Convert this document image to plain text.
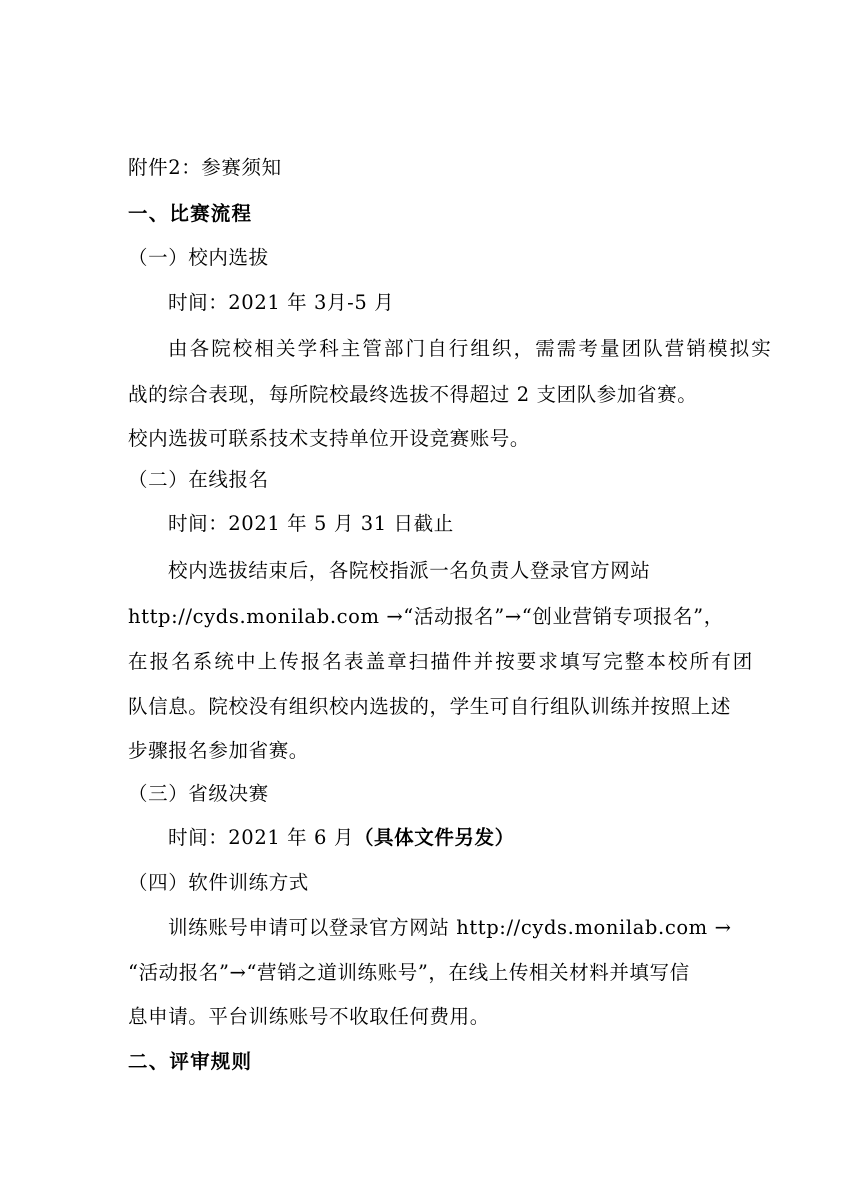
附件2：参赛须知
一、比赛流程
（一）校内选拔
时间：2021 年 3月-5 月
由各院校相关学科主管部门自行组织，需需考量团队营销模拟实
战的综合表现，每所院校最终选拔不得超过 2 支团队参加省赛。
校内选拔可联系技术支持单位开设竞赛账号。
（二）在线报名
时间：2021 年 5 月 31 日截止
校内选拔结束后，各院校指派一名负责人登录官方网站
http://cyds.monilab.com →“活动报名”→“创业营销专项报名”，
在报名系统中上传报名表盖章扫描件并按要求填写完整本校所有团
队信息。院校没有组织校内选拔的，学生可自行组队训练并按照上述
步骤报名参加省赛。
（三）省级决赛
时间：2021 年 6 月（具体文件另发）
（四）软件训练方式
训练账号申请可以登录官方网站 http://cyds.monilab.com →
“活动报名”→“营销之道训练账号”，在线上传相关材料并填写信
息申请。平台训练账号不收取任何费用。
二、评审规则
